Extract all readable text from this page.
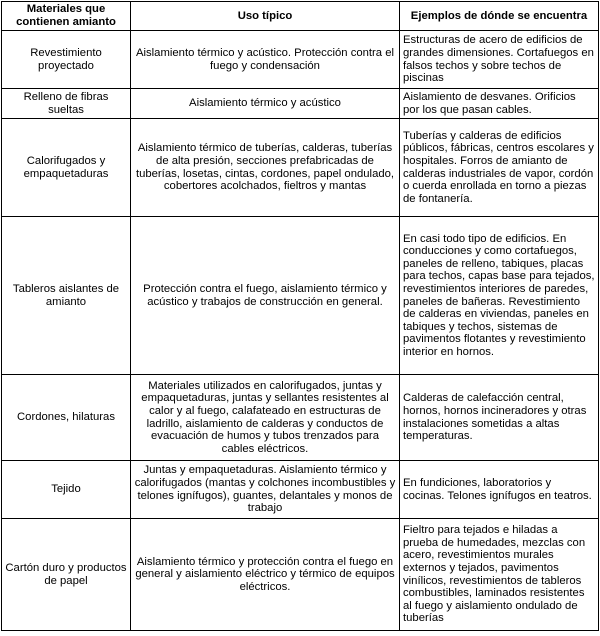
Materiales que contienen amianto	Uso típico	Ejemplos de dónde se encuentra
Revestimiento proyectado	Aislamiento térmico y acústico. Protección contra el fuego y condensación	Estructuras de acero de edificios de grandes dimensiones. Cortafuegos en falsos techos y sobre techos de piscinas
Relleno de fibras sueltas	Aislamiento térmico y acústico	Aislamiento de desvanes. Orificios por los que pasan cables.
Calorifugados y empaquetaduras	Aislamiento térmico de tuberías, calderas, tuberías de alta presión, secciones prefabricadas de tuberías, losetas, cintas, cordones, papel ondulado, cobertores acolchados, fieltros y mantas	Tuberías y calderas de edificios públicos, fábricas, centros escolares y hospitales. Forros de amianto de calderas industriales de vapor, cordón o cuerda enrollada en torno a piezas de fontanería.
Tableros aislantes de amianto	Protección contra el fuego, aislamiento térmico y acústico y trabajos de construcción en general.	En casi todo tipo de edificios. En conducciones y como cortafuegos, paneles de relleno, tabiques, placas para techos, capas base para tejados, revestimientos interiores de paredes, paneles de bañeras. Revestimiento de calderas en viviendas, paneles en tabiques y techos, sistemas de pavimentos flotantes y revestimiento interior en hornos.
Cordones, hilaturas	Materiales utilizados en calorifugados, juntas y empaquetaduras, juntas y sellantes resistentes al calor y al fuego, calafateado en estructuras de ladrillo, aislamiento de calderas y conductos de evacuación de humos y tubos trenzados para cables eléctricos.	Calderas de calefacción central, hornos, hornos incineradores y otras instalaciones sometidas a altas temperaturas.
Tejido	Juntas y empaquetaduras. Aislamiento térmico y calorifugados (mantas y colchones incombustibles y telones ignífugos), guantes, delantales y monos de trabajo	En fundiciones, laboratorios y cocinas. Telones ignífugos en teatros.
Cartón duro y productos de papel	Aislamiento térmico y protección contra el fuego en general y aislamiento eléctrico y térmico de equipos eléctricos.	Fieltro para tejados e hiladas a prueba de humedades, mezclas con acero, revestimientos murales externos y tejados, pavimentos vinílicos, revestimientos de tableros combustibles, laminados resistentes al fuego y aislamiento ondulado de tuberías
